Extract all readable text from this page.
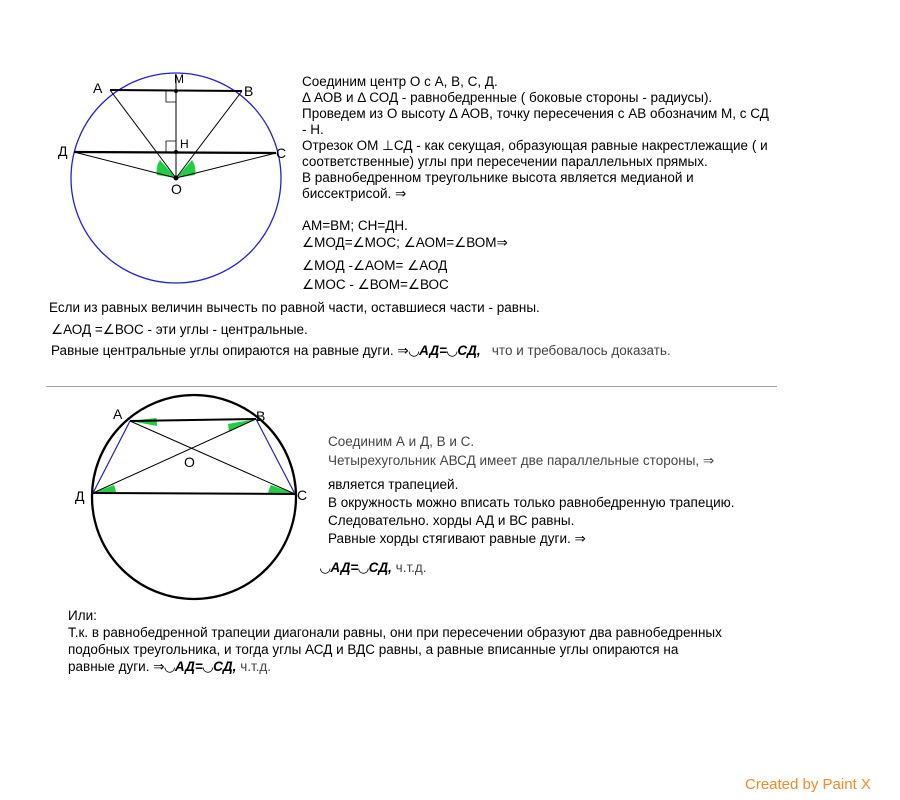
А	В
М
Н
Д	С
О
Соединим центр О с А, В, С, Д.
Δ АОВ и Δ СОД - равнобедренные ( боковые стороны - радиусы).
Проведем из О высоту Δ АОВ, точку пересечения с АВ обозначим М, с СД
- Н.
Отрезок ОМ ⊥СД - как секущая, образующая равные накрестлежащие ( и
соответственные) углы при пересечении параллельных прямых.
В равнобедренном треугольнике высота является медианой и
биссектрисой. ⇒
АМ=ВМ; СН=ДН.
∠МОД=∠МОС; ∠АОМ=∠ВОМ⇒
∠МОД -∠АОМ= ∠АОД
∠МОС - ∠ВОМ=∠ВОС
Если из равных величин вычесть по равной части, оставшиеся части - равны.
∠АОД =∠ВОС - эти углы - центральные.
Равные центральные углы опираются на равные дуги. ⇒◡АД=◡СД, что и требовалось доказать.
А	В
О
Д	С
Соединим А и Д, В и С.
Четырехугольник АВСД имеет две параллельные стороны, ⇒
является трапецией.
В окружность можно вписать только равнобедренную трапецию.
Следовательно. хорды АД и ВС равны.
Равные хорды стягивают равные дуги. ⇒
◡АД=◡СД, ч.т.д.
Или:
Т.к. в равнобедренной трапеции диагонали равны, они при пересечении образуют два равнобедренных
подобных треугольника, и тогда углы АСД и ВДС равны, а равные вписанные углы опираются на
равные дуги. ⇒◡АД=◡СД, ч.т.д.
Created by Paint X
